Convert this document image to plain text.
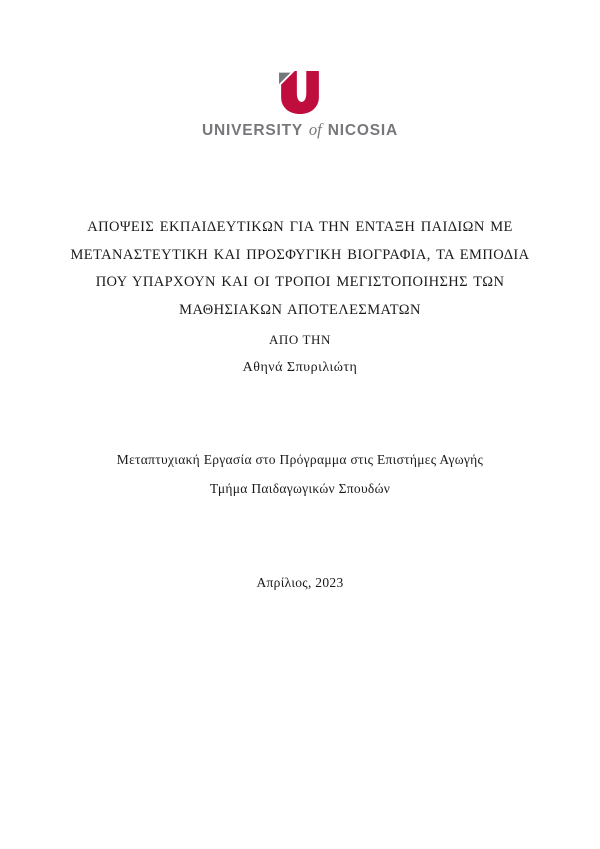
UNIVERSITY of NICOSIA
ΑΠΟΨΕΙΣ ΕΚΠΑΙΔΕΥΤΙΚΩΝ ΓΙΑ ΤΗΝ ΕΝΤΑΞΗ ΠΑΙΔΙΩΝ ΜΕ
ΜΕΤΑΝΑΣΤΕΥΤΙΚΗ ΚΑΙ ΠΡΟΣΦΥΓΙΚΗ ΒΙΟΓΡΑΦΙΑ, ΤΑ ΕΜΠΟΔΙΑ
ΠΟΥ ΥΠΑΡΧΟΥΝ ΚΑΙ ΟΙ ΤΡΟΠΟΙ ΜΕΓΙΣΤΟΠΟΙΗΣΗΣ ΤΩΝ
ΜΑΘΗΣΙΑΚΩΝ ΑΠΟΤΕΛΕΣΜΑΤΩΝ
ΑΠΟ ΤΗΝ
Αθηνά Σπυριλιώτη
Μεταπτυχιακή Εργασία στο Πρόγραμμα στις Επιστήμες Αγωγής
Τμήμα Παιδαγωγικών Σπουδών
Απρίλιος, 2023
